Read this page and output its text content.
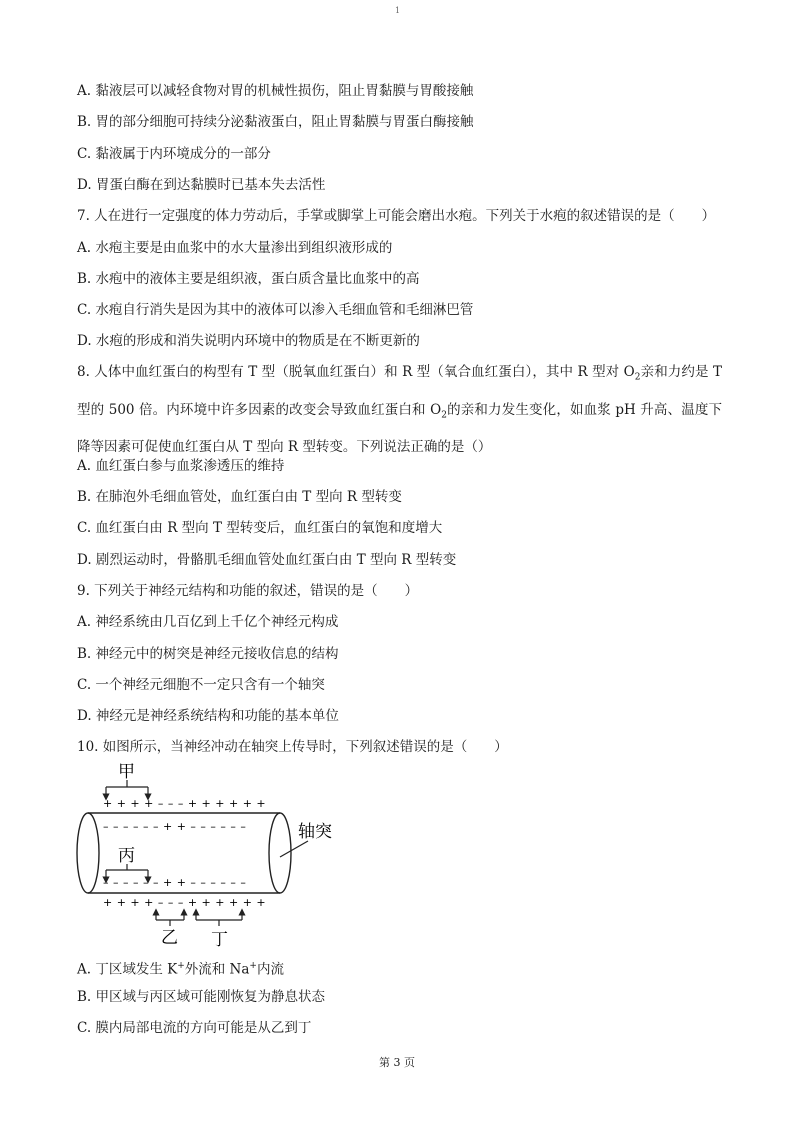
1
A. 黏液层可以减轻食物对胃的机械性损伤，阻止胃黏膜与胃酸接触
B. 胃的部分细胞可持续分泌黏液蛋白，阻止胃黏膜与胃蛋白酶接触
C. 黏液属于内环境成分的一部分
D. 胃蛋白酶在到达黏膜时已基本失去活性
7. 人在进行一定强度的体力劳动后，手掌或脚掌上可能会磨出水疱。下列关于水疱的叙述错误的是（　　）
A. 水疱主要是由血浆中的水大量渗出到组织液形成的
B. 水疱中的液体主要是组织液，蛋白质含量比血浆中的高
C. 水疱自行消失是因为其中的液体可以渗入毛细血管和毛细淋巴管
D. 水疱的形成和消失说明内环境中的物质是在不断更新的
8. 人体中血红蛋白的构型有 T 型（脱氧血红蛋白）和 R 型（氧合血红蛋白），其中 R 型对 $O_2$亲和力约是 T 型的 500 倍。内环境中许多因素的改变会导致血红蛋白和 $O_2$的亲和力发生变化，如血浆 pH 升高、温度下降等因素可促使血红蛋白从 T 型向 R 型转变。下列说法正确的是（）
A. 血红蛋白参与血浆渗透压的维持
B. 在肺泡外毛细血管处，血红蛋白由 T 型向 R 型转变
C. 血红蛋白由 R 型向 T 型转变后，血红蛋白的氧饱和度增大
D. 剧烈运动时，骨骼肌毛细血管处血红蛋白由 T 型向 R 型转变
9. 下列关于神经元结构和功能的叙述，错误的是（　　）
A. 神经系统由几百亿到上千亿个神经元构成
B. 神经元中的树突是神经元接收信息的结构
C. 一个神经元细胞不一定只含有一个轴突
D. 神经元是神经系统结构和功能的基本单位
10. 如图所示，当神经冲动在轴突上传导时，下列叙述错误的是（　　）
甲
+ + + + – – – + + + + + +
– – – – – – + + – – – – – –
丙
– – – – – – + + – – – – – –
+ + + + – – – + + + + + +
轴突
乙 丁
A. 丁区域发生 K+外流和 Na+内流
B. 甲区域与丙区域可能刚恢复为静息状态
C. 膜内局部电流的方向可能是从乙到丁
第 3 页
